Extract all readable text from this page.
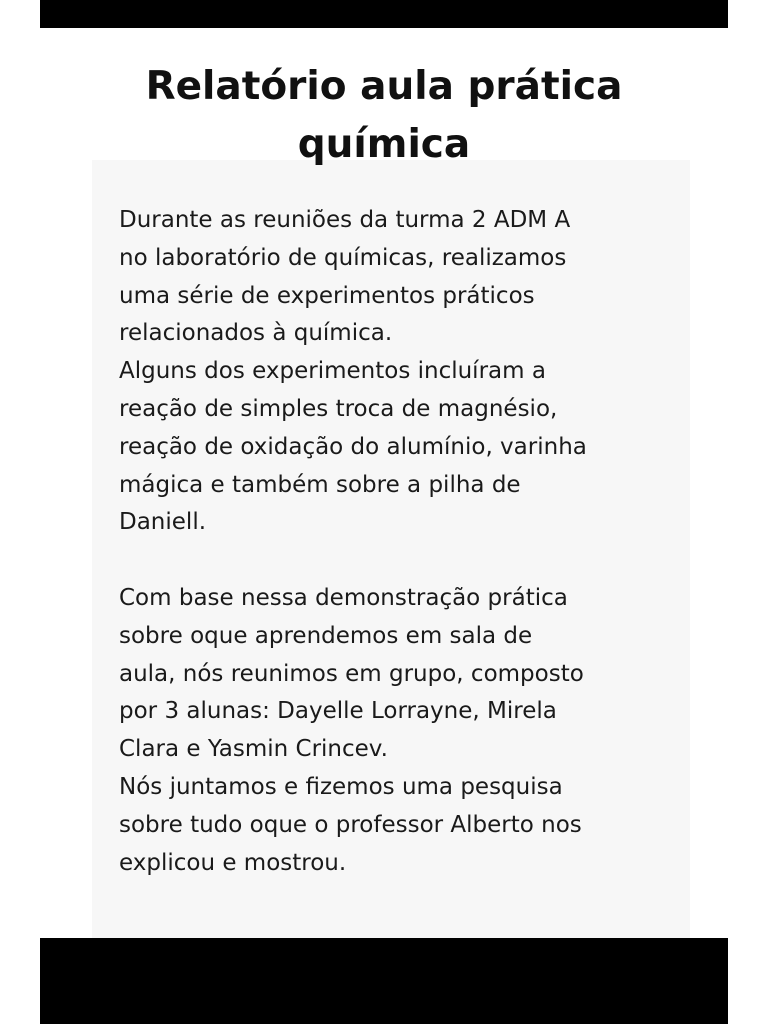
Relatório aula prática
química
Durante as reuniões da turma 2 ADM A
no laboratório de químicas, realizamos
uma série de experimentos práticos
relacionados à química.
Alguns dos experimentos incluíram a
reação de simples troca de magnésio,
reação de oxidação do alumínio, varinha
mágica e também sobre a pilha de
Daniell.
Com base nessa demonstração prática
sobre oque aprendemos em sala de
aula, nós reunimos em grupo, composto
por 3 alunas: Dayelle Lorrayne, Mirela
Clara e Yasmin Crincev.
Nós juntamos e fizemos uma pesquisa
sobre tudo oque o professor Alberto nos
explicou e mostrou.
